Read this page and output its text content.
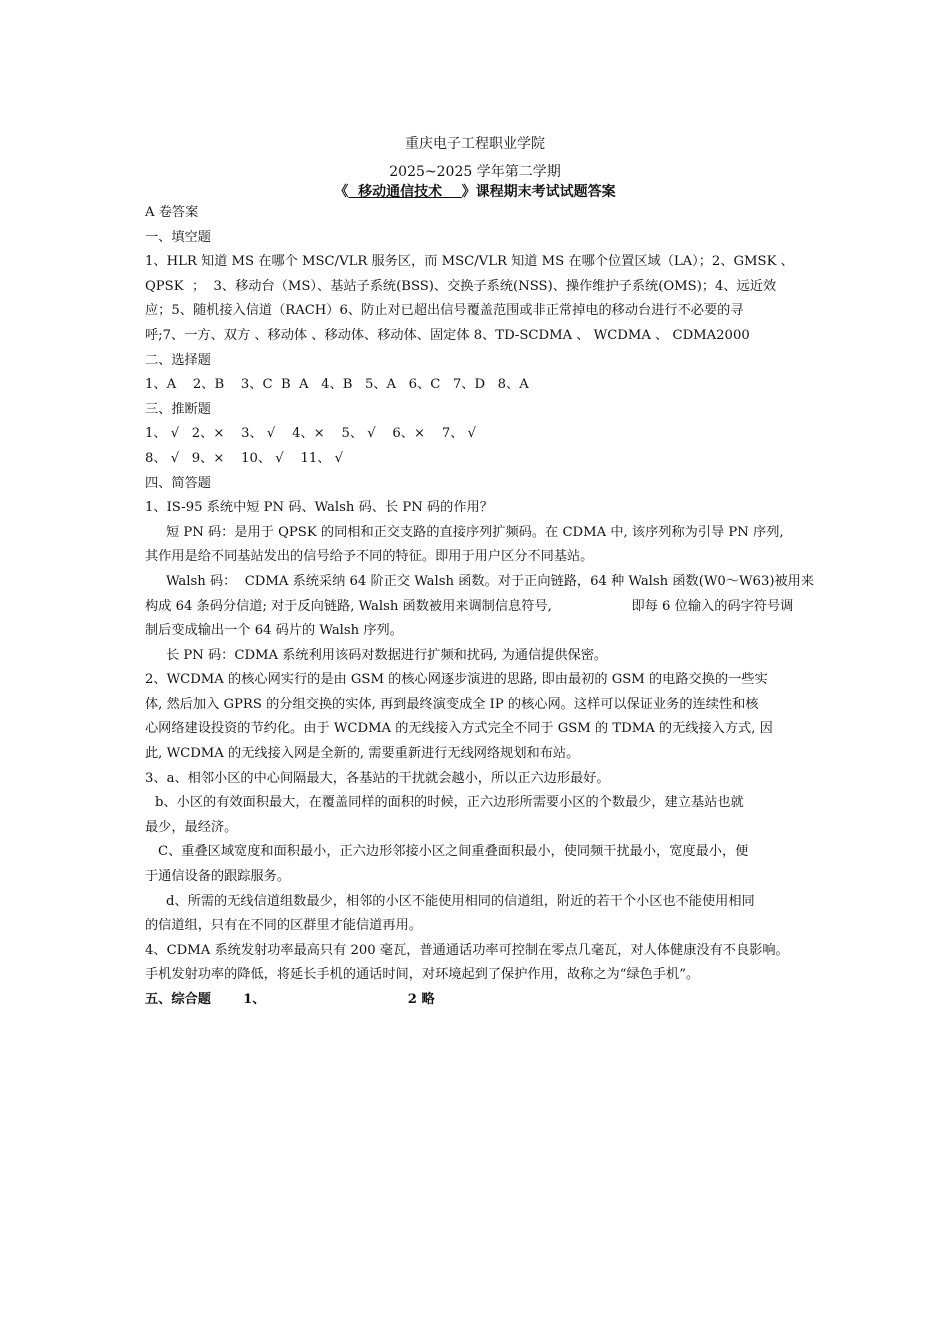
重庆电子工程职业学院
2025~2025 学年第二学期
《  移动通信技术    》课程期末考试试题答案

A 卷答案

一、填空题

1、HLR 知道 MS 在哪个 MSC/VLR 服务区，而 MSC/VLR 知道 MS 在哪个位置区域（LA）；2、GMSK 、

QPSK  ；  3、移动台（MS）、基站子系统(BSS)、交换子系统(NSS)、操作维护子系统(OMS)；4、远近效

应；5、随机接入信道（RACH）6、防止对已超出信号覆盖范围或非正常掉电的移动台进行不必要的寻

呼;7、一方、双方 、移动体 、移动体、移动体、固定体 8、TD-SCDMA 、 WCDMA 、 CDMA2000

二、选择题

1、A    2、B    3、C  B  A   4、B   5、A   6、C   7、D   8、A

三、推断题

1、 √   2、×    3、 √    4、×    5、 √    6、×    7、 √

8、 √   9、×    10、 √    11、 √

四、简答题

1、IS-95 系统中短 PN 码、Walsh 码、长 PN 码的作用？

短 PN 码：是用于 QPSK 的同相和正交支路的直接序列扩频码。在 CDMA 中, 该序列称为引导 PN 序列,

其作用是给不同基站发出的信号给予不同的特征。即用于用户区分不同基站。

Walsh 码：  CDMA 系统采纳 64 阶正交 Walsh 函数。对于正向链路，64 种 Walsh 函数(W0～W63)被用来

构成 64 条码分信道; 对于反向链路, Walsh 函数被用来调制信息符号,	即每 6 位输入的码字符号调

制后变成输出一个 64 码片的 Walsh 序列。

长 PN 码：CDMA 系统利用该码对数据进行扩频和扰码, 为通信提供保密。

2、WCDMA 的核心网实行的是由 GSM 的核心网逐步演进的思路, 即由最初的 GSM 的电路交换的一些实

体, 然后加入 GPRS 的分组交换的实体, 再到最终演变成全 IP 的核心网。这样可以保证业务的连续性和核

心网络建设投资的节约化。由于 WCDMA 的无线接入方式完全不同于 GSM 的 TDMA 的无线接入方式, 因

此, WCDMA 的无线接入网是全新的, 需要重新进行无线网络规划和布站。

3、a、相邻小区的中心间隔最大，各基站的干扰就会越小，所以正六边形最好。

b、小区的有效面积最大，在覆盖同样的面积的时候，正六边形所需要小区的个数最少，建立基站也就

最少，最经济。

C、重叠区域宽度和面积最小，正六边形邻接小区之间重叠面积最小，使同频干扰最小，宽度最小，便

于通信设备的跟踪服务。

d、所需的无线信道组数最少，相邻的小区不能使用相同的信道组，附近的若干个小区也不能使用相同

的信道组，只有在不同的区群里才能信道再用。

4、CDMA 系统发射功率最高只有 200 毫瓦，普通通话功率可控制在零点几毫瓦，对人体健康没有不良影响。

手机发射功率的降低，将延长手机的通话时间，对环境起到了保护作用，故称之为“绿色手机”。

五、综合题 1、	2 略
